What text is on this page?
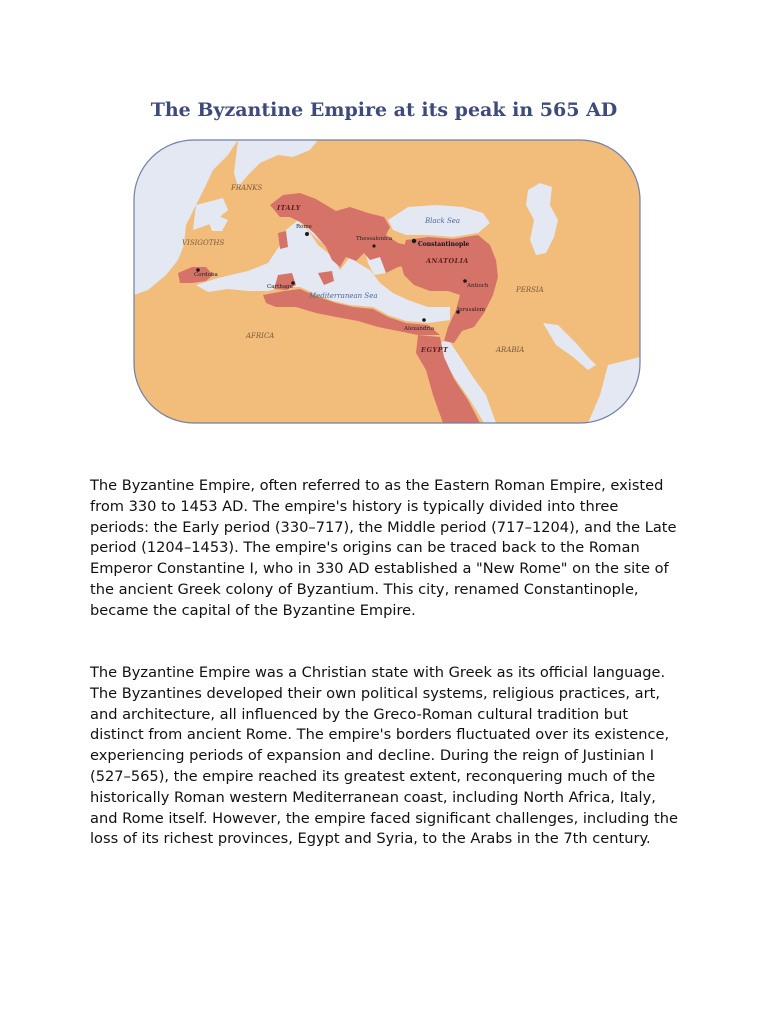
FRANKS
ITALY
VISIGOTHS
ANATOLIA
PERSIA
AFRICA
ARABIA
EGYPT
Black Sea
Mediterranean Sea
Rome
Thessalonica
Constantinople
Cordoba
Carthage	Antioch
Jerusalem
Alexandria
The Byzantine Empire at its peak in 565 AD

The Byzantine Empire, often referred to as the Eastern Roman Empire, existed from 330 to 1453 AD. The empire's history is typically divided into three periods: the Early period (330–717), the Middle period (717–1204), and the Late period (1204–1453). The empire's origins can be traced back to the Roman Emperor Constantine I, who in 330 AD established a "New Rome" on the site of the ancient Greek colony of Byzantium. This city, renamed Constantinople, became the capital of the Byzantine Empire.

The Byzantine Empire was a Christian state with Greek as its official language. The Byzantines developed their own political systems, religious practices, art, and architecture, all influenced by the Greco-Roman cultural tradition but distinct from ancient Rome. The empire's borders fluctuated over its existence, experiencing periods of expansion and decline. During the reign of Justinian I (527–565), the empire reached its greatest extent, reconquering much of the historically Roman western Mediterranean coast, including North Africa, Italy, and Rome itself. However, the empire faced significant challenges, including the loss of its richest provinces, Egypt and Syria, to the Arabs in the 7th century.
